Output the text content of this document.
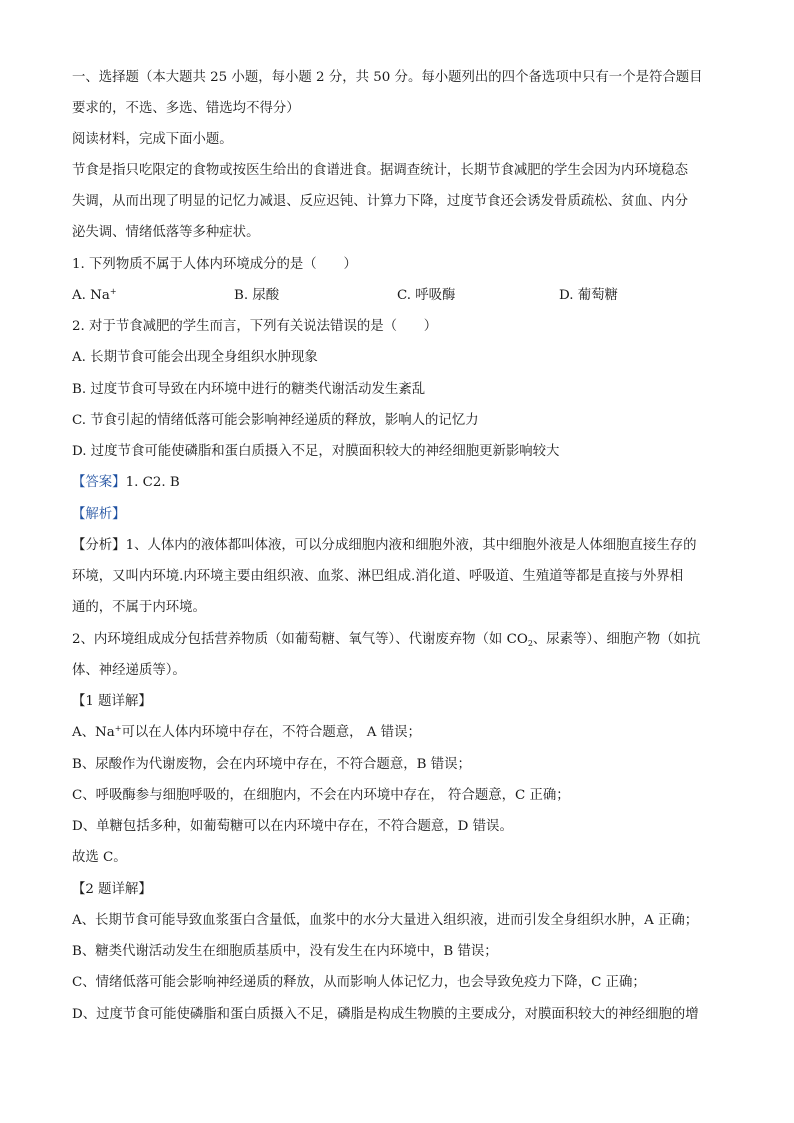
一、选择题（本大题共 25 小题，每小题 2 分，共 50 分。每小题列出的四个备选项中只有一个是符合题目
要求的，不选、多选、错选均不得分）
阅读材料，完成下面小题。
节食是指只吃限定的食物或按医生给出的食谱进食。据调查统计，长期节食减肥的学生会因为内环境稳态
失调，从而出现了明显的记忆力减退、反应迟钝、计算力下降，过度节食还会诱发骨质疏松、贫血、内分
泌失调、情绪低落等多种症状。
1. 下列物质不属于人体内环境成分的是（　　）
A. Na+	B. 尿酸	C. 呼吸酶	D. 葡萄糖
2. 对于节食减肥的学生而言，下列有关说法错误的是（　　）
A. 长期节食可能会出现全身组织水肿现象
B. 过度节食可导致在内环境中进行的糖类代谢活动发生紊乱
C. 节食引起的情绪低落可能会影响神经递质的释放，影响人的记忆力
D. 过度节食可能使磷脂和蛋白质摄入不足，对膜面积较大的神经细胞更新影响较大
【答案】1. C2. B
【解析】
【分析】1、人体内的液体都叫体液，可以分成细胞内液和细胞外液，其中细胞外液是人体细胞直接生存的
环境，又叫内环境.内环境主要由组织液、血浆、淋巴组成.消化道、呼吸道、生殖道等都是直接与外界相
通的，不属于内环境。
2、内环境组成成分包括营养物质（如葡萄糖、氧气等）、代谢废弃物（如 $CO_2$、尿素等）、细胞产物（如抗
体、神经递质等）。
【1 题详解】
A、Na+可以在人体内环境中存在，不符合题意， A 错误；
B、尿酸作为代谢废物，会在内环境中存在，不符合题意，B 错误；
C、呼吸酶参与细胞呼吸的，在细胞内，不会在内环境中存在， 符合题意，C 正确；
D、单糖包括多种，如葡萄糖可以在内环境中存在，不符合题意，D 错误。
故选 C。
【2 题详解】
A、长期节食可能导致血浆蛋白含量低，血浆中的水分大量进入组织液，进而引发全身组织水肿，A 正确；
B、糖类代谢活动发生在细胞质基质中，没有发生在内环境中，B 错误；
C、情绪低落可能会影响神经递质的释放，从而影响人体记忆力，也会导致免疫力下降，C 正确；
D、过度节食可能使磷脂和蛋白质摄入不足，磷脂是构成生物膜的主要成分，对膜面积较大的神经细胞的增
